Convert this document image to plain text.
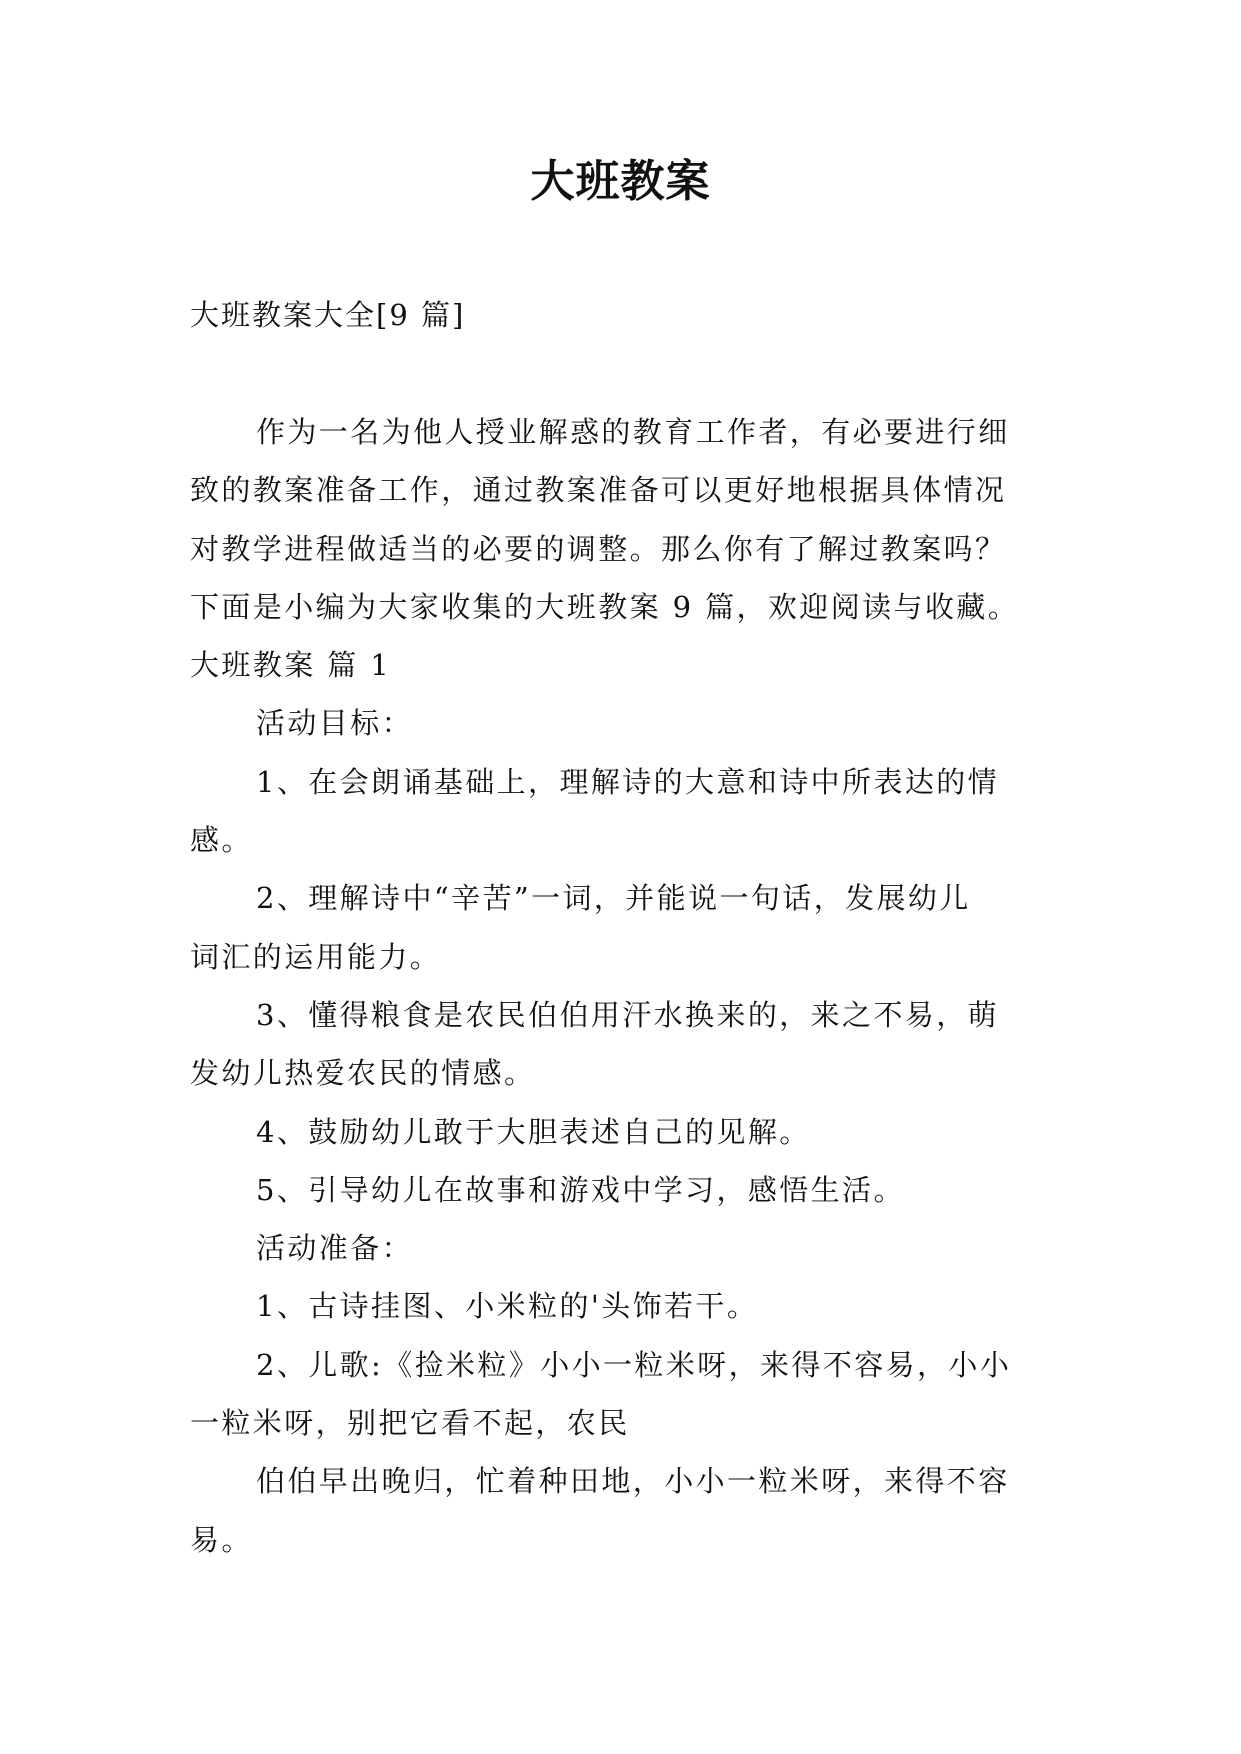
大班教案
大班教案大全[9 篇]
作为一名为他人授业解惑的教育工作者，有必要进行细
致的教案准备工作，通过教案准备可以更好地根据具体情况
对教学进程做适当的必要的调整。那么你有了解过教案吗？
下面是小编为大家收集的大班教案 9 篇，欢迎阅读与收藏。
大班教案 篇 1
活动目标：
1、在会朗诵基础上，理解诗的大意和诗中所表达的情
感。
2、理解诗中“辛苦”一词，并能说一句话，发展幼儿
词汇的运用能力。
3、懂得粮食是农民伯伯用汗水换来的，来之不易，萌
发幼儿热爱农民的情感。
4、鼓励幼儿敢于大胆表述自己的见解。
5、引导幼儿在故事和游戏中学习，感悟生活。
活动准备：
1、古诗挂图、小米粒的'头饰若干。
2、儿歌:《捡米粒》小小一粒米呀，来得不容易，小小
一粒米呀，别把它看不起，农民
伯伯早出晚归，忙着种田地，小小一粒米呀，来得不容
易。
